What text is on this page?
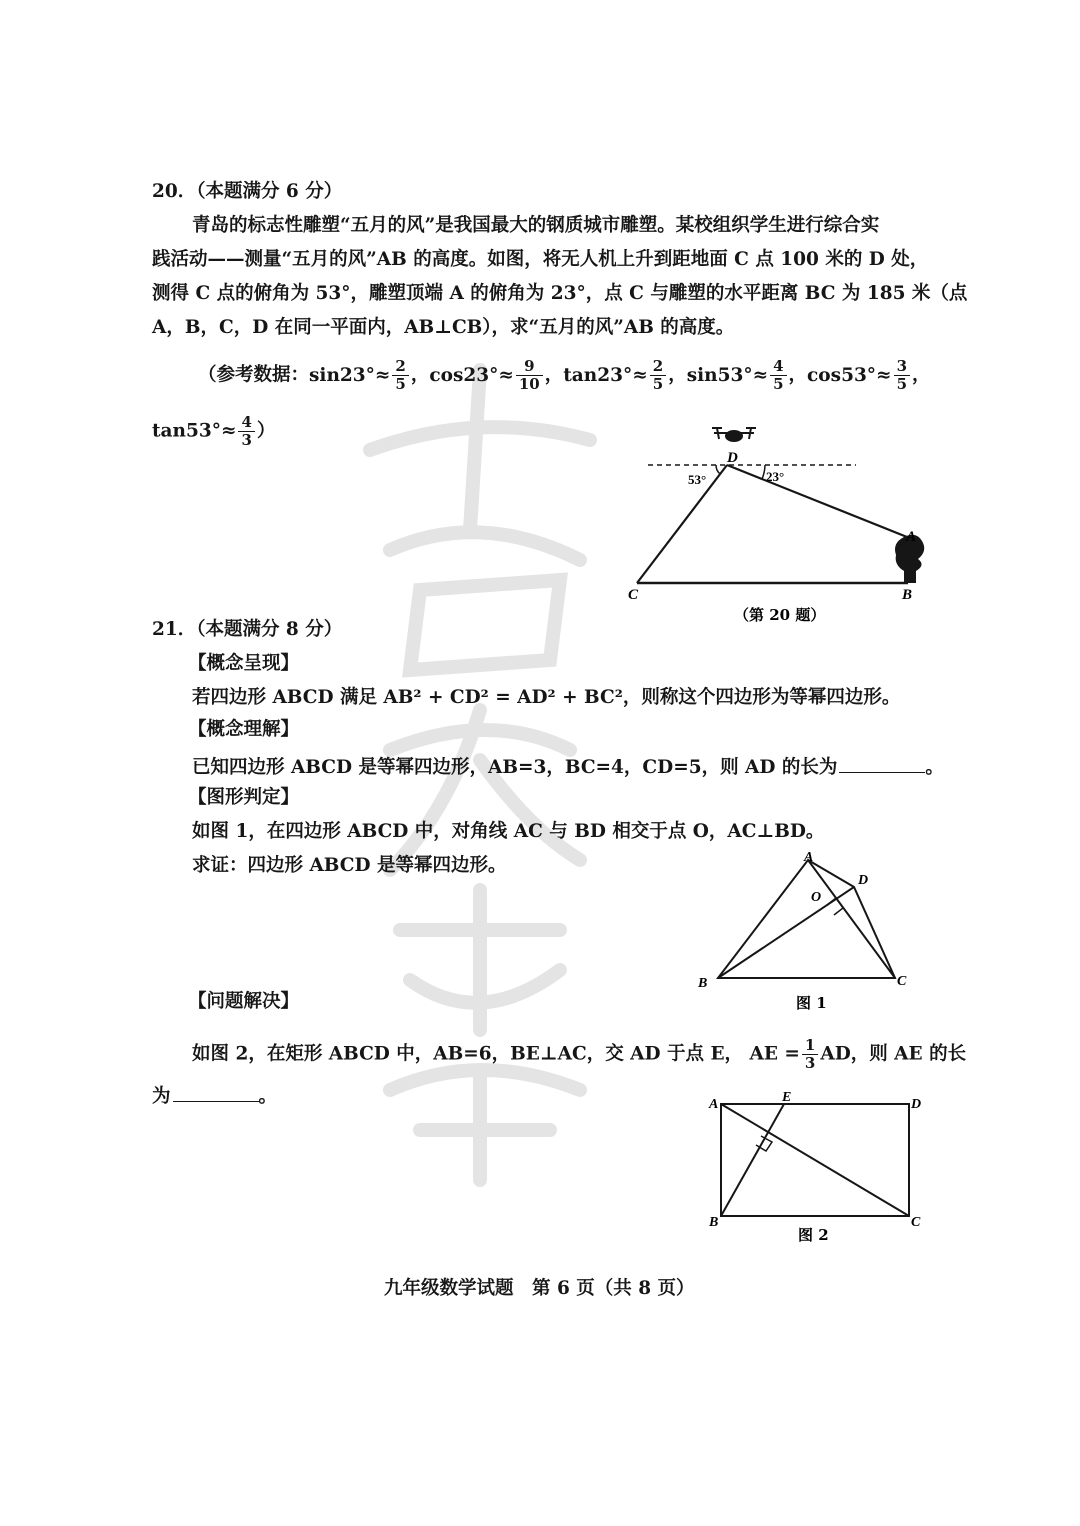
20．（本题满分 6 分）
青岛的标志性雕塑“五月的风”是我国最大的钢质城市雕塑。某校组织学生进行综合实
践活动——测量“五月的风”AB 的高度。如图，将无人机上升到距地面 C 点 100 米的 D 处，
测得 C 点的俯角为 53°，雕塑顶端 A 的俯角为 23°，点 C 与雕塑的水平距离 BC 为 185 米（点
A，B，C，D 在同一平面内，AB⊥CB），求“五月的风”AB 的高度。
（参考数据：$\sin 23^\circ\approx \frac{2}{5}$ ，$\cos 23^\circ\approx \frac{9}{10}$ ，$\tan 23^\circ\approx \frac{2}{5}$ ，$\sin 53^\circ\approx \frac{4}{5}$ ，$\cos 53^\circ\approx \frac{3}{5}$ ，
$\tan 53^\circ\approx \frac{4}{3}$ ）
D
A
B
C
53°	23°
（第 20 题）
21．（本题满分 8 分）
【概念呈现】
若四边形 ABCD 满足 AB² + CD² = AD² + BC²，则称这个四边形为等幂四边形。
【概念理解】
已知四边形 ABCD 是等幂四边形，AB=3，BC=4，CD=5，则 AD 的长为	。
【图形判定】
如图 1，在四边形 ABCD 中，对角线 AC 与 BD 相交于点 O，AC⊥BD。
求证：四边形 ABCD 是等幂四边形。	A
D
O
B	C
图 1
【问题解决】
如图 2，在矩形 ABCD 中，AB=6，BE⊥AC，交 AD 于点 E， AE = $\frac{1}{3}$ AD，则 AE 的长
为	。	A	E	D
B	C
图 2
九年级数学试题　第 6 页（共 8 页）
